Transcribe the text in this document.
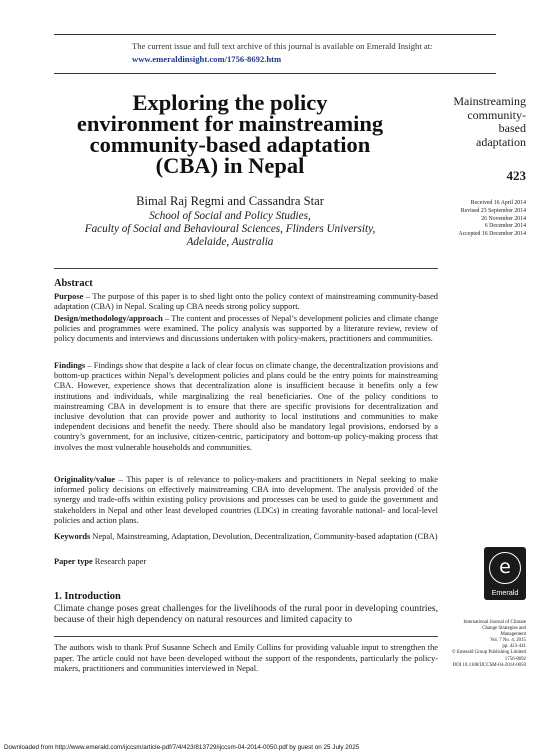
The current issue and full text archive of this journal is available on Emerald Insight at:
www.emeraldinsight.com/1756-8692.htm
Exploring the policy
environment for mainstreaming
community-based adaptation
(CBA) in Nepal
Bimal Raj Regmi and Cassandra Star
School of Social and Policy Studies,
Faculty of Social and Behavioural Sciences, Flinders University,
Adelaide, Australia
Mainstreaming
community-
based
adaptation
423
Received 16 April 2014
Revised 23 September 2014
26 November 2014
6 December 2014
Accepted 16 December 2014
Abstract
Purpose – The purpose of this paper is to shed light onto the policy context of mainstreaming community-based adaptation (CBA) in Nepal. Scaling up CBA needs strong policy support.
Design/methodology/approach – The content and processes of Nepal’s development policies and climate change policies and programmes were examined. The policy analysis was supported by a literature review, review of policy documents and interviews and discussions undertaken with policy-makers, practitioners and communities.
Findings – Findings show that despite a lack of clear focus on climate change, the decentralization provisions and bottom-up practices within Nepal’s development policies and plans could be the entry points for mainstreaming CBA. However, experience shows that decentralization alone is insufficient because it benefits only a few institutions and individuals, while marginalizing the real beneficiaries. One of the policy conditions to mainstreaming CBA in development is to ensure that there are specific provisions for decentralization and inclusive devolution that can provide power and authority to local institutions and communities to make independent decisions and benefit the needy. There should also be mandatory legal provisions, endorsed by a country’s government, for an inclusive, citizen-centric, participatory and bottom-up policy-making process that involves the most vulnerable households and communities.
Originality/value – This paper is of relevance to policy-makers and practitioners in Nepal seeking to make informed policy decisions on effectively mainstreaming CBA into development. The analysis provided of the synergy and trade-offs within existing policy provisions and processes can be used to guide the government and stakeholders in Nepal and other least developed countries (LDCs) in creating favorable national- and local-level policies and action plans.
Keywords Nepal, Mainstreaming, Adaptation, Devolution, Decentralization, Community-based adaptation (CBA)
Paper type Research paper	e
Emerald
1. Introduction
Climate change poses great challenges for the livelihoods of the rural poor in developing countries, because of their high dependency on natural resources and limited capacity to
The authors wish to thank Prof Susanne Schech and Emily Collins for providing valuable input to strengthen the paper. The article could not have been developed without the support of the respondents, particularly the policy-makers, practitioners and communities interviewed in Nepal.
International Journal of Climate
Change Strategies and
Management
Vol. 7 No. 4, 2015
pp. 423-441
© Emerald Group Publishing Limited
1756-8692
DOI 10.1108/IJCCSM-04-2014-0050
Downloaded from http://www.emerald.com/ijccsm/article-pdf/7/4/423/813729/ijccsm-04-2014-0050.pdf by guest on 25 July 2025
